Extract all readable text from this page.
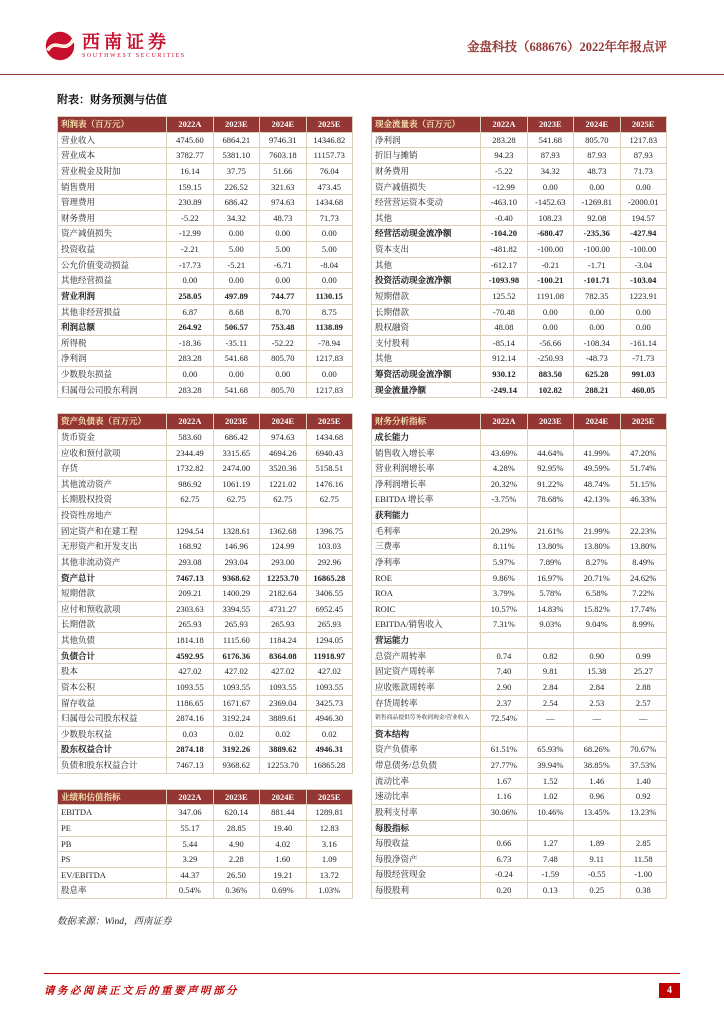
西南证券
SOUTHWEST SECURITIES
金盘科技（688676）2022年年报点评
附表：财务预测与估值
利润表（百万元）	2022A	2023E	2024E	2025E
营业收入	4745.60	6864.21	9746.31	14346.82
营业成本	3782.77	5381.10	7603.18	11157.73
营业税金及附加	16.14	37.75	51.66	76.04
销售费用	159.15	226.52	321.63	473.45
管理费用	230.89	686.42	974.63	1434.68
财务费用	-5.22	34.32	48.73	71.73
资产减值损失	-12.99	0.00	0.00	0.00
投资收益	-2.21	5.00	5.00	5.00
公允价值变动损益	-17.73	-5.21	-6.71	-8.04
其他经营损益	0.00	0.00	0.00	0.00
营业利润	258.05	497.89	744.77	1130.15
其他非经营损益	6.87	8.68	8.70	8.75
利润总额	264.92	506.57	753.48	1138.89
所得税	-18.36	-35.11	-52.22	-78.94
净利润	283.28	541.68	805.70	1217.83
少数股东损益	0.00	0.00	0.00	0.00
归属母公司股东利润	283.28	541.68	805.70	1217.83
资产负债表（百万元）	2022A	2023E	2024E	2025E
货币资金	583.60	686.42	974.63	1434.68
应收和预付款项	2344.49	3315.65	4694.26	6940.43
存货	1732.82	2474.00	3520.36	5158.51
其他流动资产	986.92	1061.19	1221.02	1476.16
长期股权投资	62.75	62.75	62.75	62.75
投资性房地产				
固定资产和在建工程	1294.54	1328.61	1362.68	1396.75
无形资产和开发支出	168.92	146.96	124.99	103.03
其他非流动资产	293.08	293.04	293.00	292.96
资产总计	7467.13	9368.62	12253.70	16865.28
短期借款	209.21	1400.29	2182.64	3406.55
应付和预收款项	2303.63	3394.55	4731.27	6952.45
长期借款	265.93	265.93	265.93	265.93
其他负债	1814.18	1115.60	1184.24	1294.05
负债合计	4592.95	6176.36	8364.08	11918.97
股本	427.02	427.02	427.02	427.02
资本公积	1093.55	1093.55	1093.55	1093.55
留存收益	1186.65	1671.67	2369.04	3425.73
归属母公司股东权益	2874.16	3192.24	3889.61	4946.30
少数股东权益	0.03	0.02	0.02	0.02
股东权益合计	2874.18	3192.26	3889.62	4946.31
负债和股东权益合计	7467.13	9368.62	12253.70	16865.28
业绩和估值指标	2022A	2023E	2024E	2025E
EBITDA	347.06	620.14	881.44	1289.81
PE	55.17	28.85	19.40	12.83
PB	5.44	4.90	4.02	3.16
PS	3.29	2.28	1.60	1.09
EV/EBITDA	44.37	26.50	19.21	13.72
股息率	0.54%	0.36%	0.69%	1.03%
现金流量表（百万元）	2022A	2023E	2024E	2025E
净利润	283.28	541.68	805.70	1217.83
折旧与摊销	94.23	87.93	87.93	87.93
财务费用	-5.22	34.32	48.73	71.73
资产减值损失	-12.99	0.00	0.00	0.00
经营营运资本变动	-463.10	-1452.63	-1269.81	-2000.01
其他	-0.40	108.23	92.08	194.57
经营活动现金流净额	-104.20	-680.47	-235.36	-427.94
资本支出	-481.82	-100.00	-100.00	-100.00
其他	-612.17	-0.21	-1.71	-3.04
投资活动现金流净额	-1093.98	-100.21	-101.71	-103.04
短期借款	125.52	1191.08	782.35	1223.91
长期借款	-70.48	0.00	0.00	0.00
股权融资	48.08	0.00	0.00	0.00
支付股利	-85.14	-56.66	-108.34	-161.14
其他	912.14	-250.93	-48.73	-71.73
筹资活动现金流净额	930.12	883.50	625.28	991.03
现金流量净额	-249.14	102.82	288.21	460.05
财务分析指标	2022A	2023E	2024E	2025E
成长能力				
销售收入增长率	43.69%	44.64%	41.99%	47.20%
营业利润增长率	4.28%	92.95%	49.59%	51.74%
净利润增长率	20.32%	91.22%	48.74%	51.15%
EBITDA 增长率	-3.75%	78.68%	42.13%	46.33%
获利能力				
毛利率	20.29%	21.61%	21.99%	22.23%
三费率	8.11%	13.80%	13.80%	13.80%
净利率	5.97%	7.89%	8.27%	8.49%
ROE	9.86%	16.97%	20.71%	24.62%
ROA	3.79%	5.78%	6.58%	7.22%
ROIC	10.57%	14.83%	15.82%	17.74%
EBITDA/销售收入	7.31%	9.03%	9.04%	8.99%
营运能力				
总资产周转率	0.74	0.82	0.90	0.99
固定资产周转率	7.40	9.81	15.38	25.27
应收账款周转率	2.90	2.84	2.84	2.88
存货周转率	2.37	2.54	2.53	2.57
销售商品提供劳务收到现金/营业收入	72.54%	—	—	—
资本结构				
资产负债率	61.51%	65.93%	68.26%	70.67%
带息债务/总负债	27.77%	39.94%	38.85%	37.53%
流动比率	1.67	1.52	1.46	1.40
速动比率	1.16	1.02	0.96	0.92
股利支付率	30.06%	10.46%	13.45%	13.23%
每股指标				
每股收益	0.66	1.27	1.89	2.85
每股净资产	6.73	7.48	9.11	11.58
每股经营现金	-0.24	-1.59	-0.55	-1.00
每股股利	0.20	0.13	0.25	0.38
数据来源：Wind，西南证券
请务必阅读正文后的重要声明部分	4
